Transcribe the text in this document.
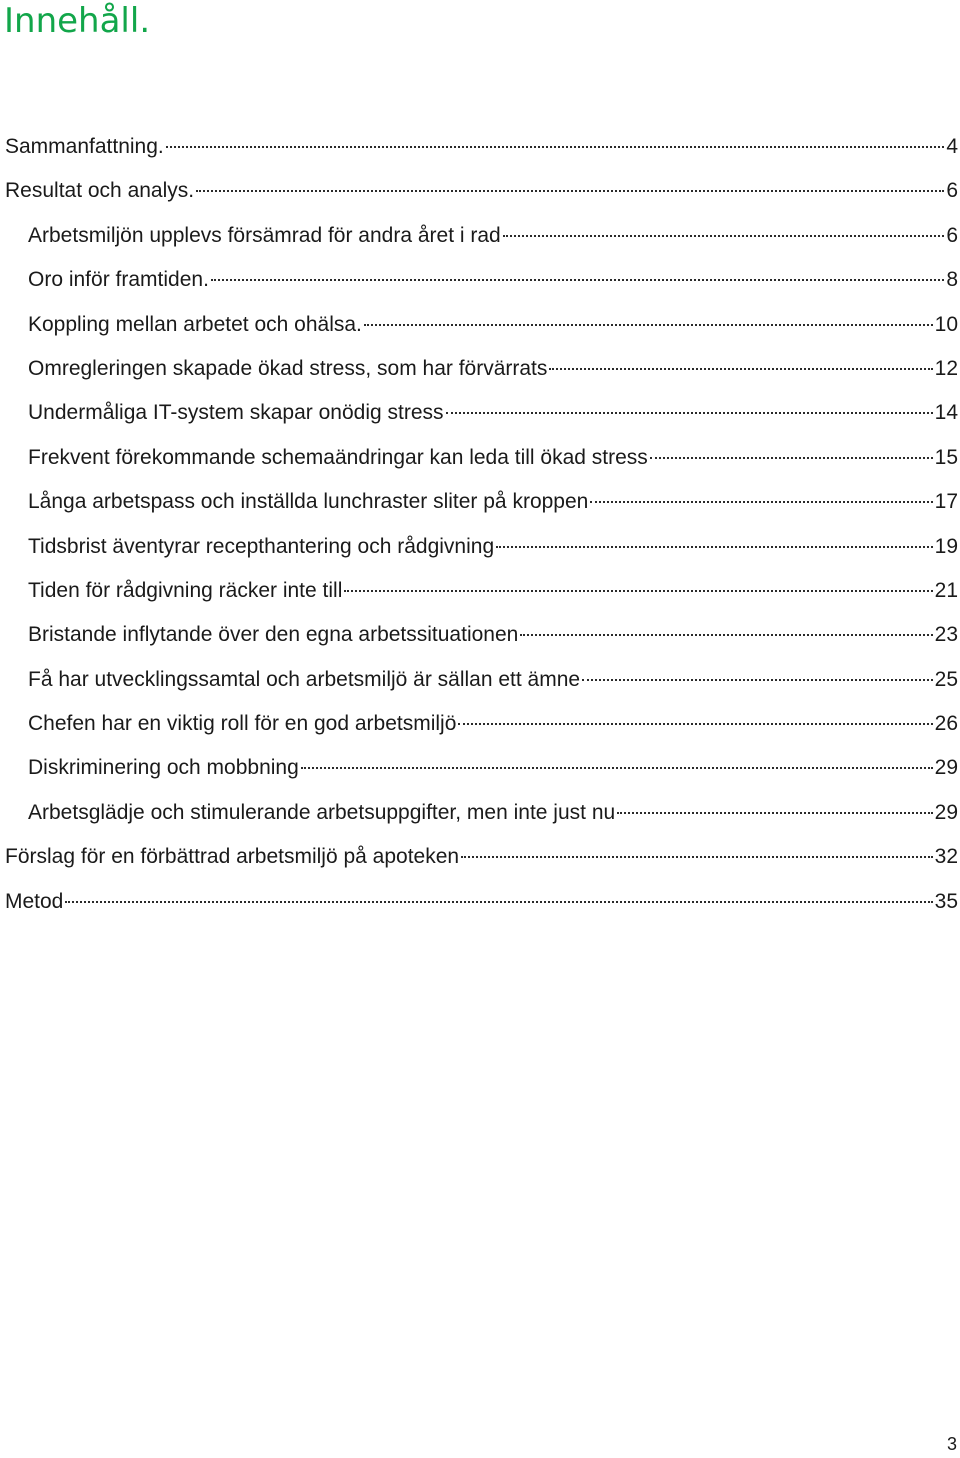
Innehåll.
Sammanfattning.	4
Resultat och analys.	6
Arbetsmiljön upplevs försämrad för andra året i rad	6
Oro inför framtiden.	8
Koppling mellan arbetet och ohälsa.	10
Omregleringen skapade ökad stress, som har förvärrats	12
Undermåliga IT-system skapar onödig stress	14
Frekvent förekommande schemaändringar kan leda till ökad stress	15
Långa arbetspass och inställda lunchraster sliter på kroppen	17
Tidsbrist äventyrar recepthantering och rådgivning	19
Tiden för rådgivning räcker inte till	21
Bristande inflytande över den egna arbetssituationen	23
Få har utvecklingssamtal och arbetsmiljö är sällan ett ämne	25
Chefen har en viktig roll för en god arbetsmiljö	26
Diskriminering och mobbning	29
Arbetsglädje och stimulerande arbetsuppgifter, men inte just nu	29
Förslag för en förbättrad arbetsmiljö på apoteken	32
Metod	35
3
